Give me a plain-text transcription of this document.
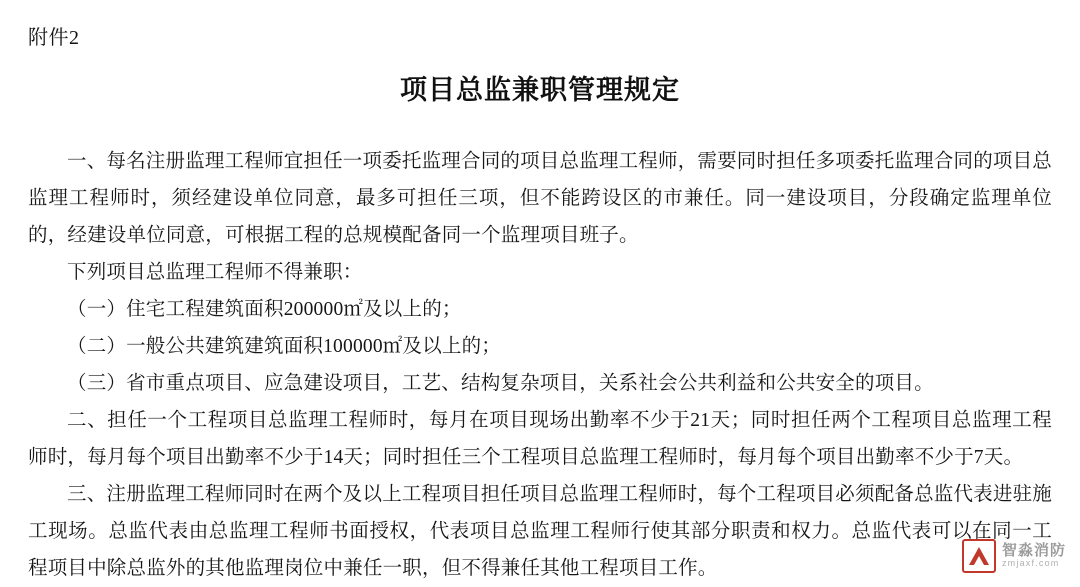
附件2
项目总监兼职管理规定

一、每名注册监理工程师宜担任一项委托监理合同的项目总监理工程师，需要同时担任多项委托监理合同的项目总监理工程师时，须经建设单位同意，最多可担任三项，但不能跨设区的市兼任。同一建设项目，分段确定监理单位的，经建设单位同意，可根据工程的总规模配备同一个监理项目班子。

下列项目总监理工程师不得兼职：

（一）住宅工程建筑面积200000㎡及以上的；

（二）一般公共建筑建筑面积100000㎡及以上的；

（三）省市重点项目、应急建设项目，工艺、结构复杂项目，关系社会公共利益和公共安全的项目。

二、担任一个工程项目总监理工程师时，每月在项目现场出勤率不少于21天；同时担任两个工程项目总监理工程师时，每月每个项目出勤率不少于14天；同时担任三个工程项目总监理工程师时，每月每个项目出勤率不少于7天。

三、注册监理工程师同时在两个及以上工程项目担任项目总监理工程师时，每个工程项目必须配备总监代表进驻施工现场。总监代表由总监理工程师书面授权，代表项目总监理工程师行使其部分职责和权力。总监代表可以在同一工程项目中除总监外的其他监理岗位中兼任一职，但不得兼任其他工程项目工作。

智淼消防
zmjaxf.com
